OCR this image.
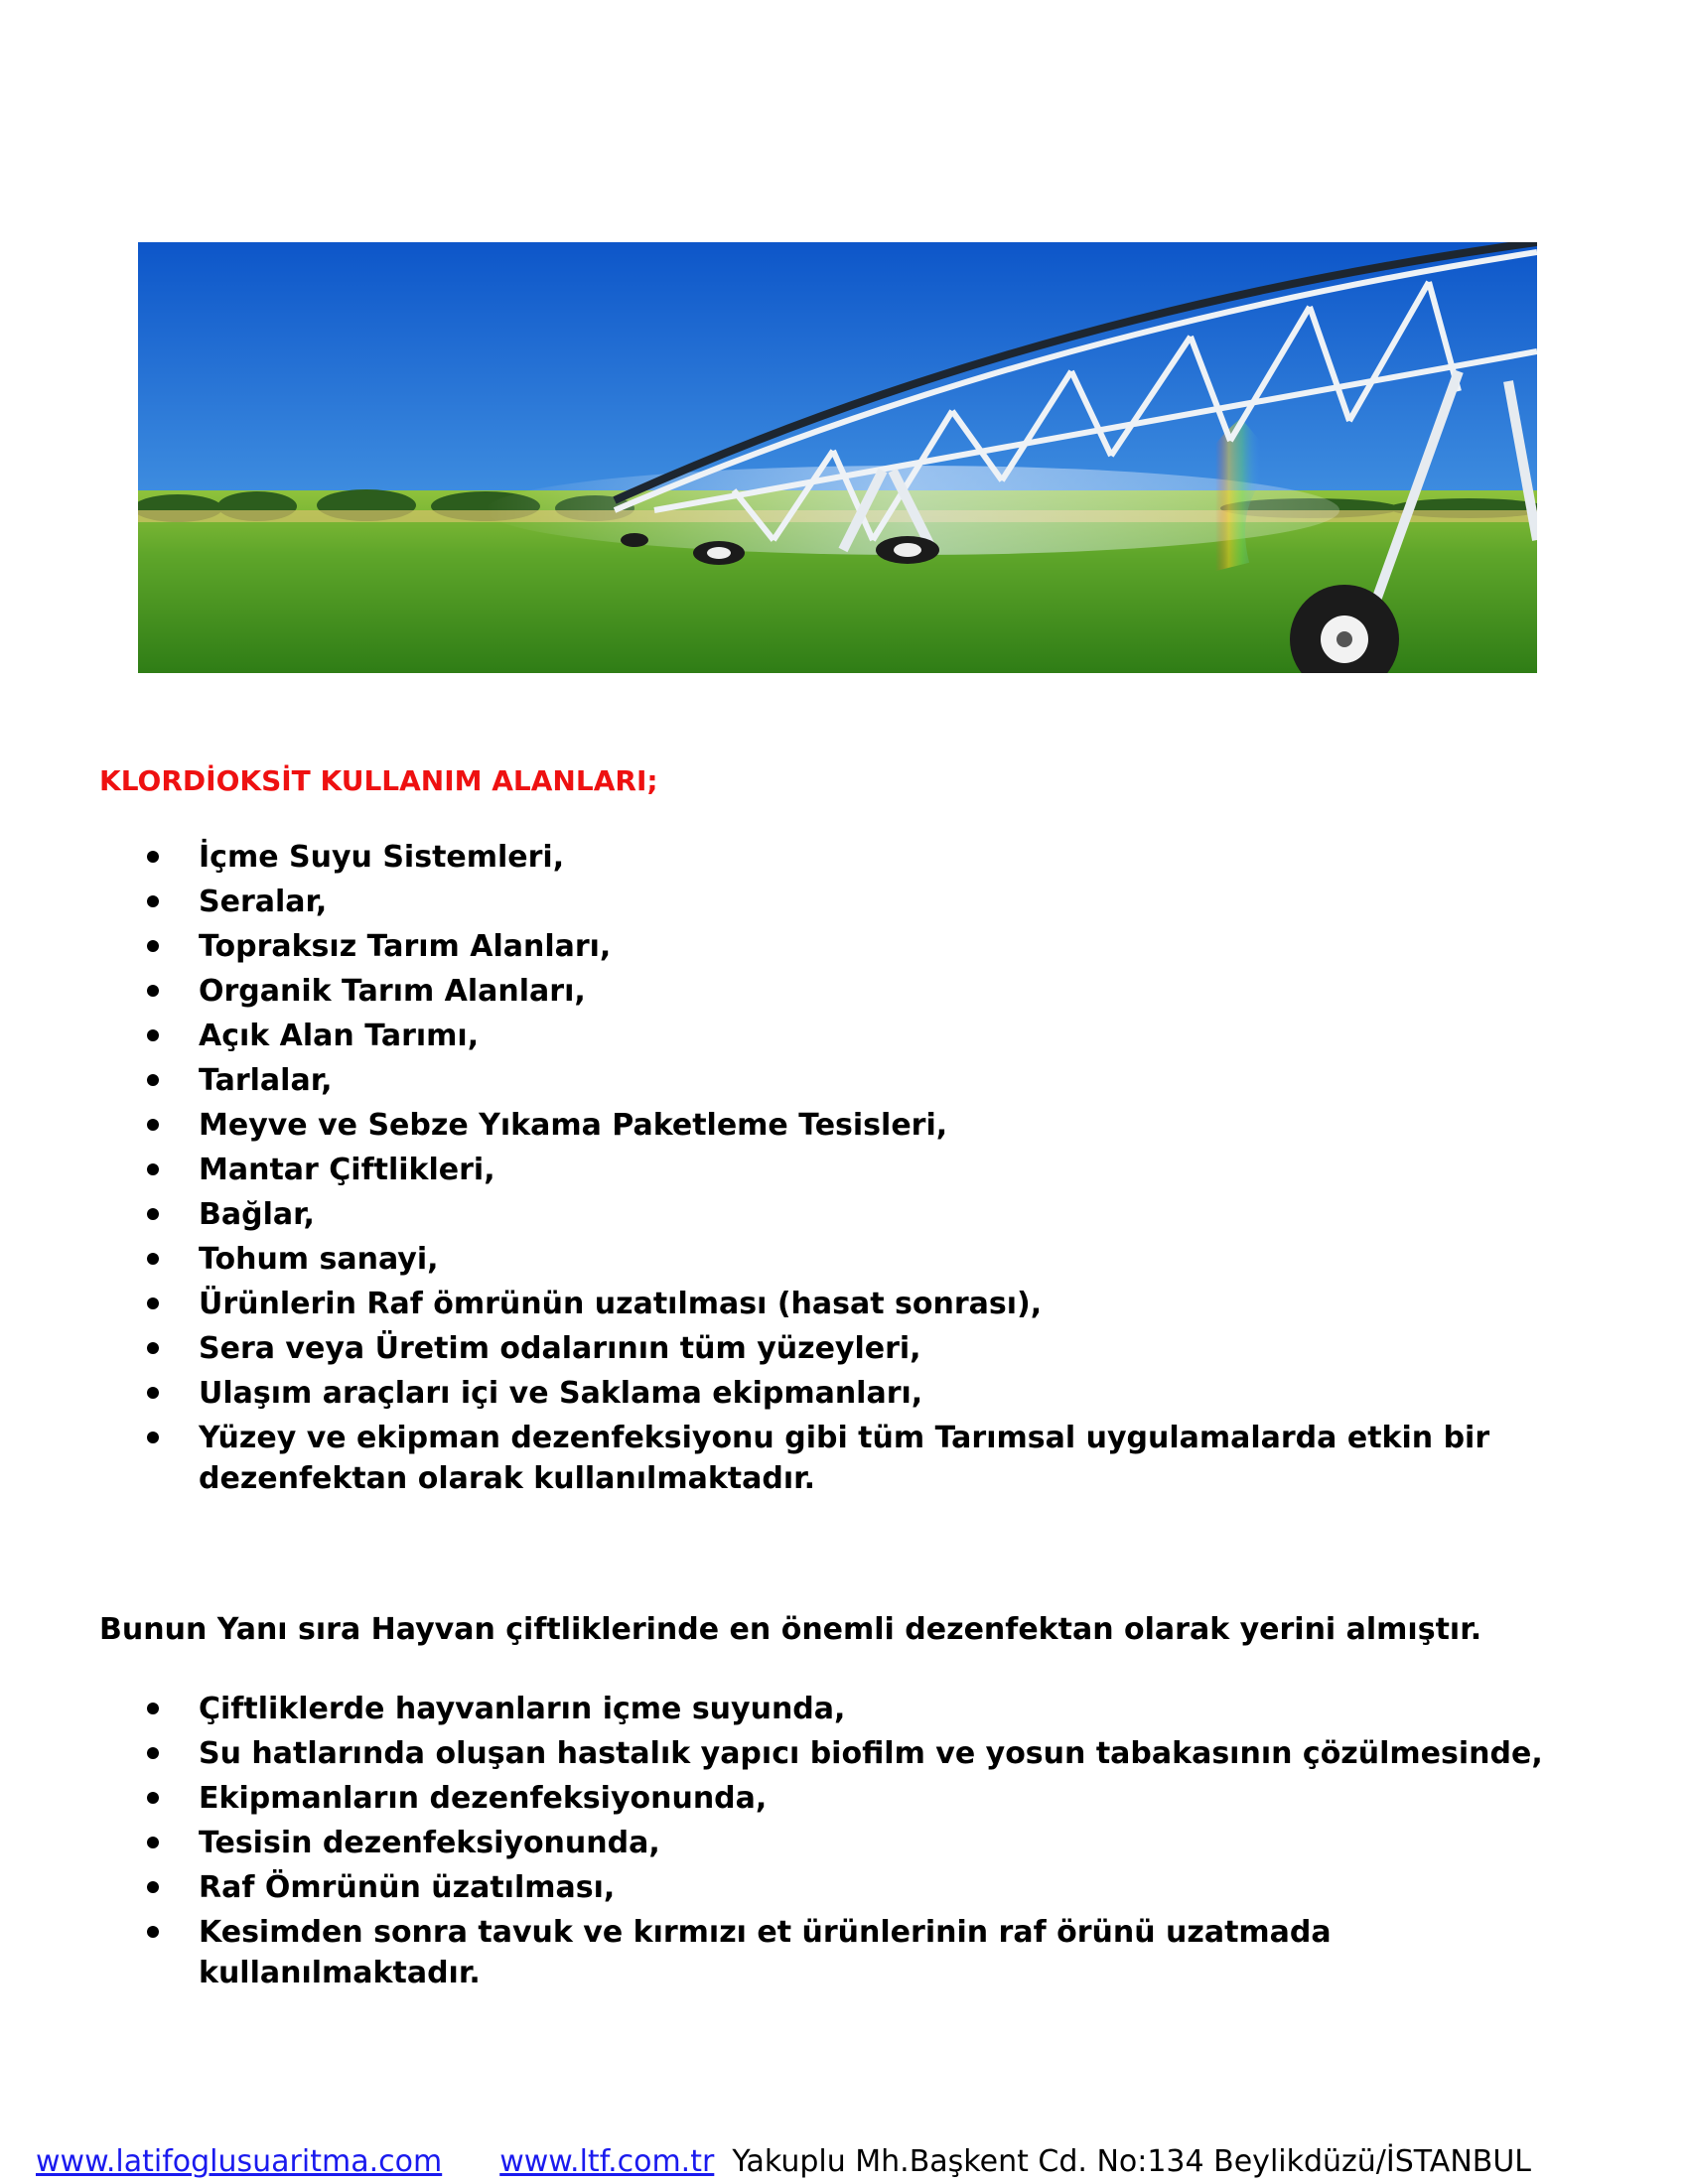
KLORDİOKSİT KULLANIM ALANLARI;
İçme Suyu Sistemleri,
Seralar,
Topraksız Tarım Alanları,
Organik Tarım Alanları,
Açık Alan Tarımı,
Tarlalar,
Meyve ve Sebze Yıkama Paketleme Tesisleri,
Mantar Çiftlikleri,
Bağlar,
Tohum sanayi,
Ürünlerin Raf ömrünün uzatılması (hasat sonrası),
Sera veya Üretim odalarının tüm yüzeyleri,
Ulaşım araçları içi ve Saklama ekipmanları,
Yüzey ve ekipman dezenfeksiyonu gibi tüm Tarımsal uygulamalarda etkin bir dezenfektan olarak kullanılmaktadır.
Bunun Yanı sıra Hayvan çiftliklerinde en önemli dezenfektan olarak yerini almıştır.
Çiftliklerde hayvanların içme suyunda,
Su hatlarında oluşan hastalık yapıcı biofilm ve yosun tabakasının çözülmesinde,
Ekipmanların dezenfeksiyonunda,
Tesisin dezenfeksiyonunda,
Raf Ömrünün üzatılması,
Kesimden sonra tavuk ve kırmızı et ürünlerinin raf örünü uzatmada kullanılmaktadır.
www.latifoglusuaritma.com www.ltf.com.tr Yakuplu Mh.Başkent Cd. No:134 Beylikdüzü/İSTANBUL
